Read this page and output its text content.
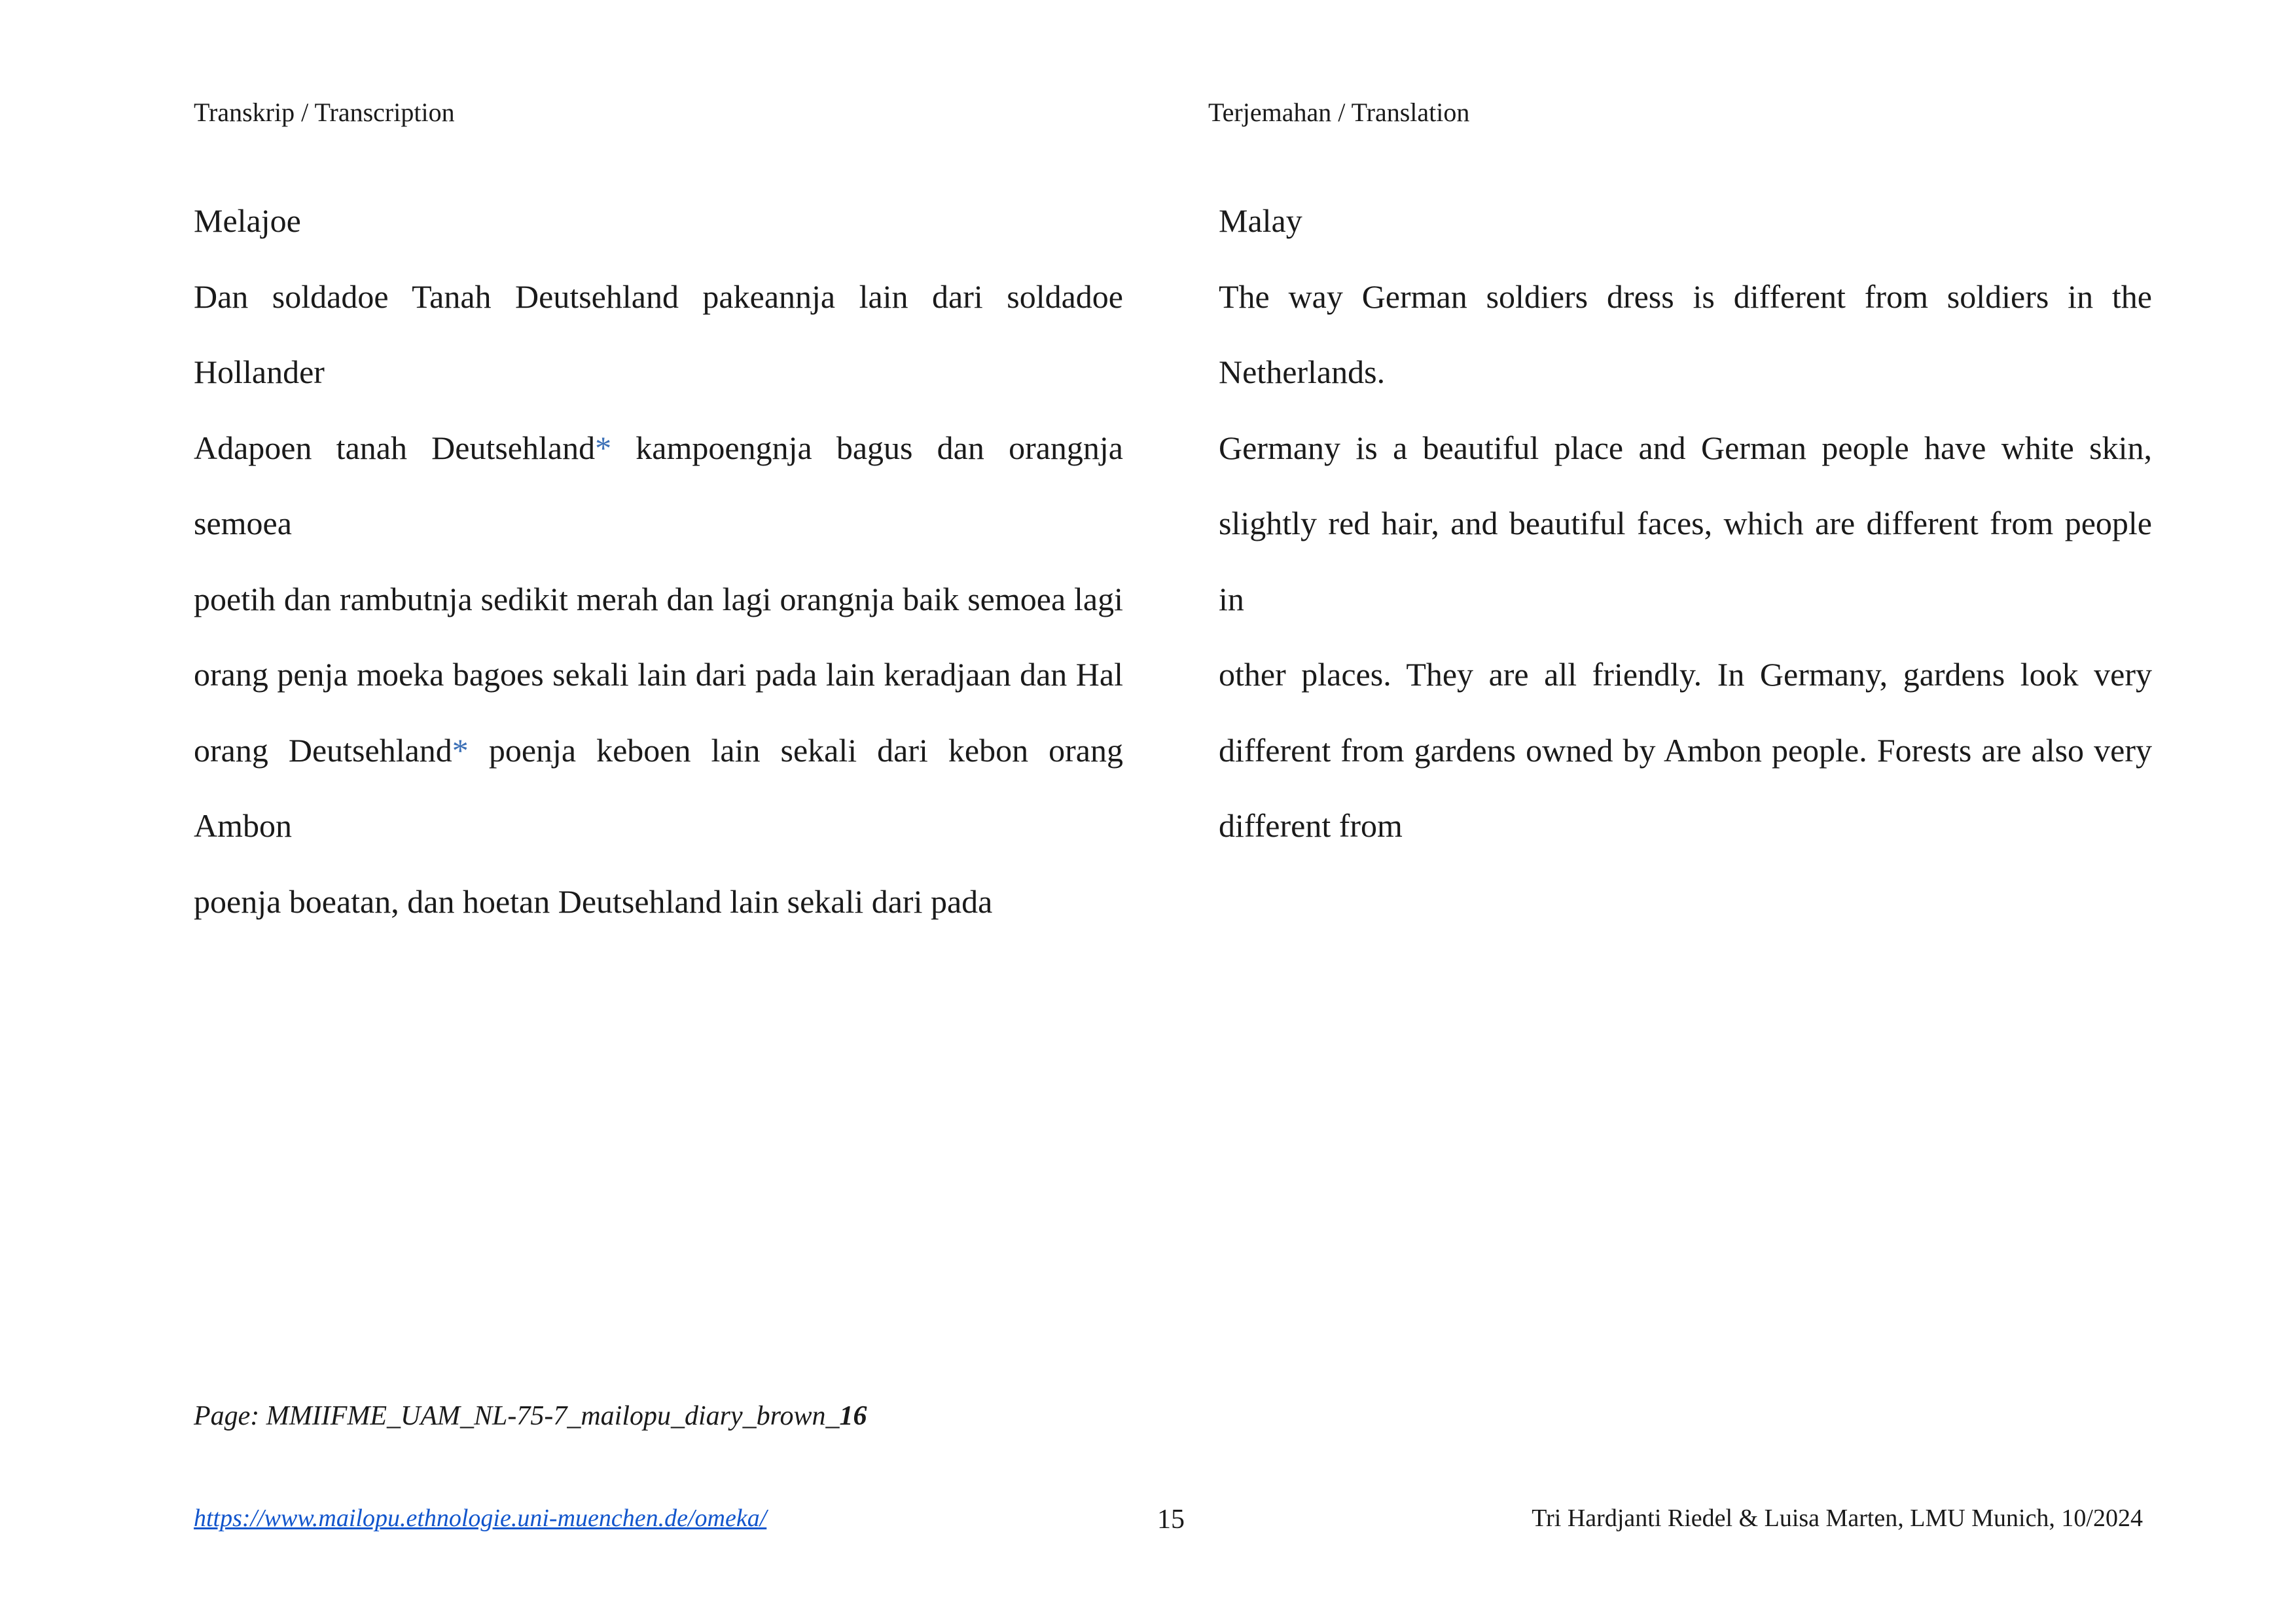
Transkrip / Transcription	Terjemahan / Translation
Melajoe
Dan soldadoe Tanah Deutsehland pakeannja lain dari soldadoe
Hollander
Adapoen tanah Deutsehland* kampoengnja bagus dan orangnja semoea
poetih dan rambutnja sedikit merah dan lagi orangnja baik semoea lagi
orang penja moeka bagoes sekali lain dari pada lain keradjaan dan Hal
orang Deutsehland* poenja keboen lain sekali dari kebon orang Ambon
poenja boeatan, dan hoetan Deutsehland lain sekali dari pada
Malay
The way German soldiers dress is different from soldiers in the
Netherlands.
Germany is a beautiful place and German people have white skin,
slightly red hair, and beautiful faces, which are different from people in
other places. They are all friendly. In Germany, gardens look very
different from gardens owned by Ambon people. Forests are also very
different from
Page: MMIIFME_UAM_NL-75-7_mailopu_diary_brown_16
https://www.mailopu.ethnologie.uni-muenchen.de/omeka/	15	Tri Hardjanti Riedel & Luisa Marten, LMU Munich, 10/2024
